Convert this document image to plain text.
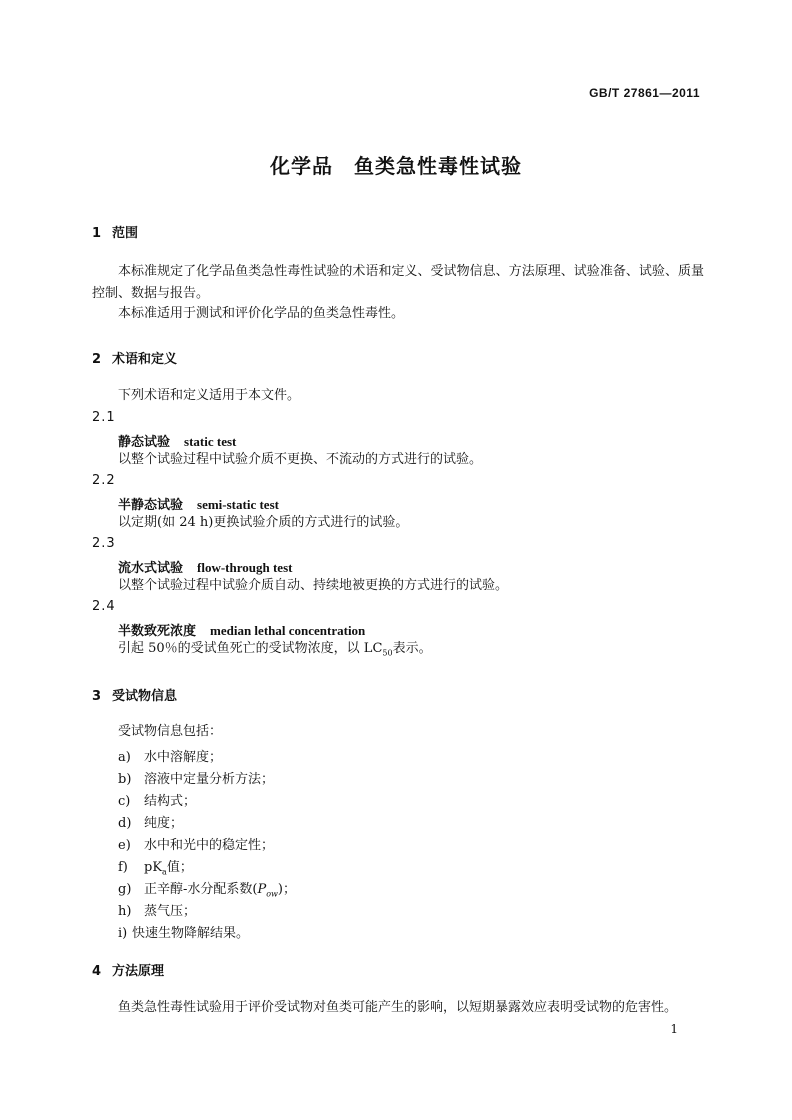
GB/T 27861—2011
化学品　鱼类急性毒性试验
1 范围
本标准规定了化学品鱼类急性毒性试验的术语和定义、受试物信息、方法原理、试验准备、试验、质量控制、数据与报告。
本标准适用于测试和评价化学品的鱼类急性毒性。
2 术语和定义
下列术语和定义适用于本文件。
2.1
静态试验 static test
以整个试验过程中试验介质不更换、不流动的方式进行的试验。
2.2
半静态试验 semi-static test
以定期(如 24 h)更换试验介质的方式进行的试验。
2.3
流水式试验 flow-through test
以整个试验过程中试验介质自动、持续地被更换的方式进行的试验。
2.4
半数致死浓度 median lethal concentration
引起 50％的受试鱼死亡的受试物浓度，以 $LC_{50}$表示。
3 受试物信息
受试物信息包括：
a) 水中溶解度；
b) 溶液中定量分析方法；
c) 结构式；
d) 纯度；
e) 水中和光中的稳定性；
f) $pK_a$值；
g) 正辛醇-水分配系数$(P_{ow})$；
h) 蒸气压；
i) 快速生物降解结果。
4 方法原理
鱼类急性毒性试验用于评价受试物对鱼类可能产生的影响，以短期暴露效应表明受试物的危害性。
1
